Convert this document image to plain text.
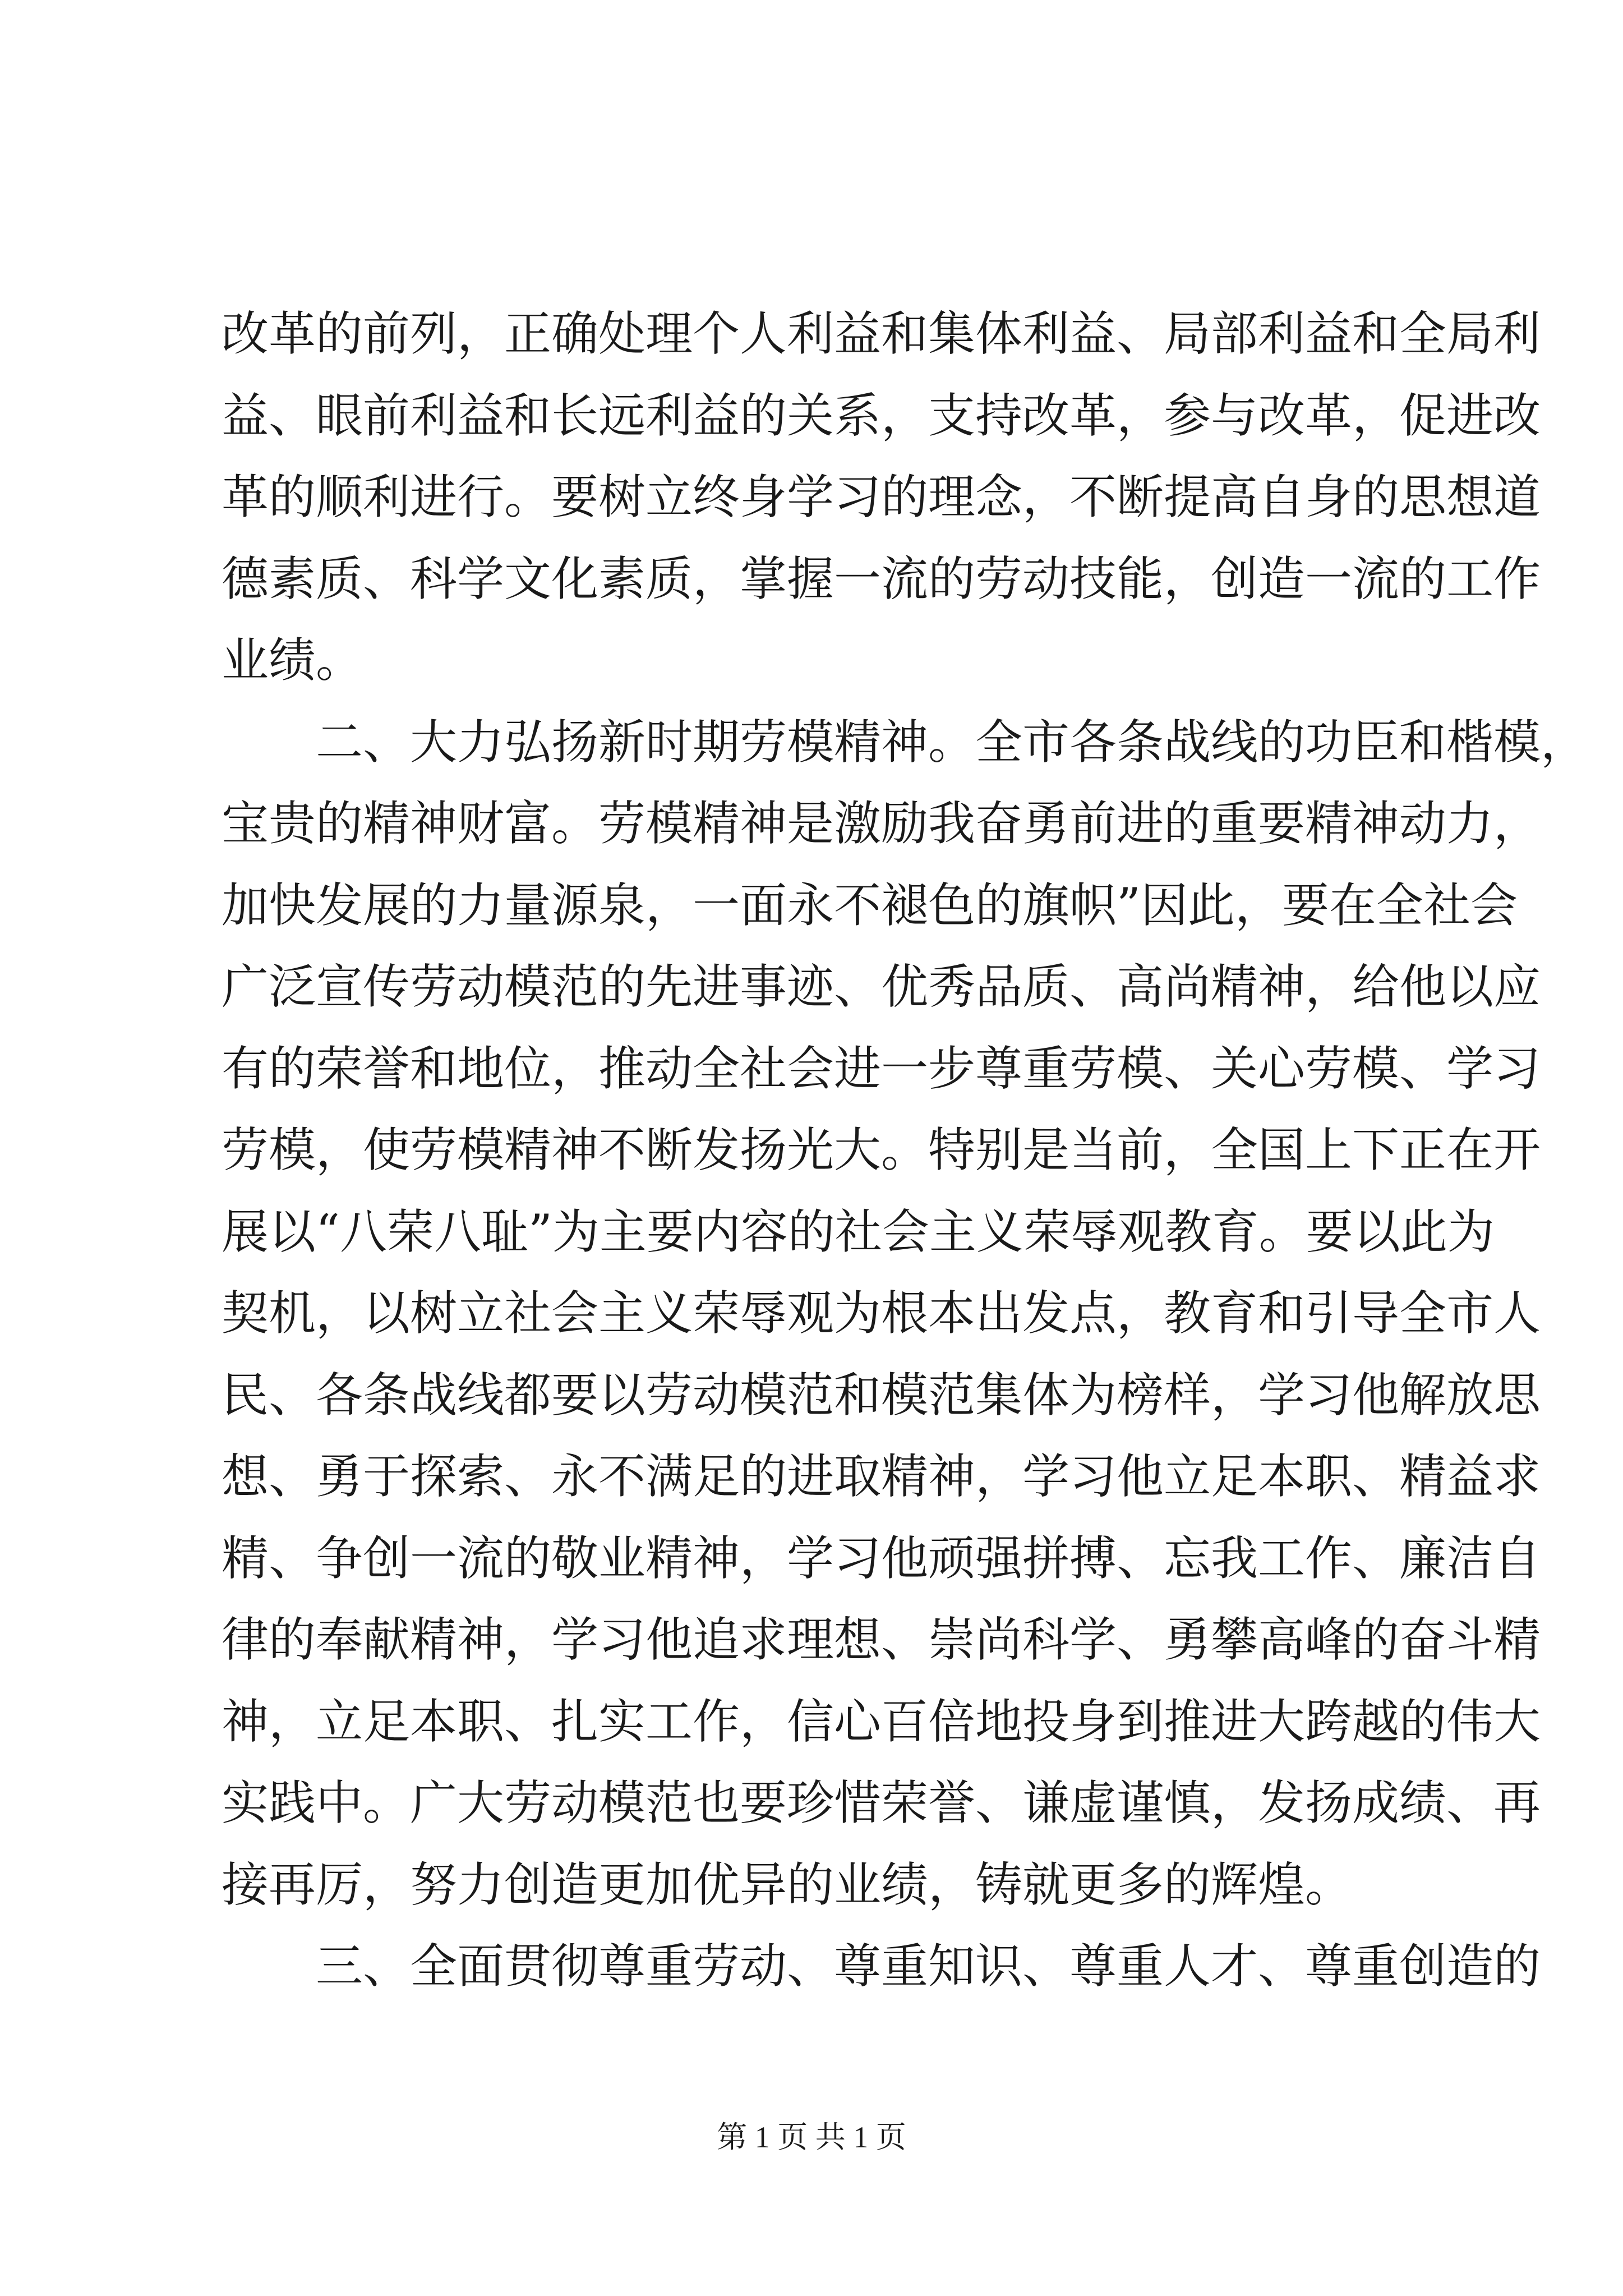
改革的前列，正确处理个人利益和集体利益、局部利益和全局利
益、眼前利益和长远利益的关系，支持改革，参与改革，促进改
革的顺利进行。要树立终身学习的理念，不断提高自身的思想道
德素质、科学文化素质，掌握一流的劳动技能，创造一流的工作
业绩。
　　二、大力弘扬新时期劳模精神。全市各条战线的功臣和楷模，
宝贵的精神财富。劳模精神是激励我奋勇前进的重要精神动力，
加快发展的力量源泉，一面永不褪色的旗帜”因此，要在全社会
广泛宣传劳动模范的先进事迹、优秀品质、高尚精神，给他以应
有的荣誉和地位，推动全社会进一步尊重劳模、关心劳模、学习
劳模，使劳模精神不断发扬光大。特别是当前，全国上下正在开
展以“八荣八耻”为主要内容的社会主义荣辱观教育。要以此为
契机，以树立社会主义荣辱观为根本出发点，教育和引导全市人
民、各条战线都要以劳动模范和模范集体为榜样，学习他解放思
想、勇于探索、永不满足的进取精神，学习他立足本职、精益求
精、争创一流的敬业精神，学习他顽强拼搏、忘我工作、廉洁自
律的奉献精神，学习他追求理想、崇尚科学、勇攀高峰的奋斗精
神，立足本职、扎实工作，信心百倍地投身到推进大跨越的伟大
实践中。广大劳动模范也要珍惜荣誉、谦虚谨慎，发扬成绩、再
接再厉，努力创造更加优异的业绩，铸就更多的辉煌。
　　三、全面贯彻尊重劳动、尊重知识、尊重人才、尊重创造的
第 1 页 共 1 页
